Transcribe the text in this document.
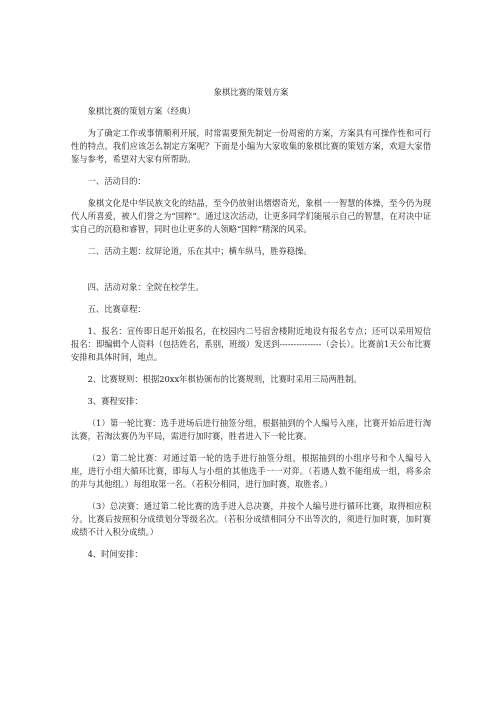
象棋比赛的策划方案

象棋比赛的策划方案（经典）

为了确定工作或事情顺利开展，时常需要预先制定一份周密的方案，方案具有可操作性和可行性的特点。我们应该怎么制定方案呢？下面是小编为大家收集的象棋比赛的策划方案，欢迎大家借鉴与参考，希望对大家有所帮助。

一、活动目的：

象棋文化是中华民族文化的结晶，至今仍放射出熠熠奇光，象棋一一智慧的体操，至今仍为现代人所喜爱，被人们誉之为“国粹”。通过这次活动，让更多同学们能展示自己的智慧，在对决中证实自己的沉稳和睿智，同时也让更多的人领略“国粹”精深的风采。

二、活动主题：纹屏论道，乐在其中；横车纵马，胜券稳操。

四、活动对象：全院在校学生。

五、比赛章程：

1、报名：宣传即日起开始报名，在校园内二号宿舍楼附近地设有报名专点；还可以采用短信报名：即编辑个人资料（包括姓名，系别，班级）发送到---------------（会长）。比赛前1天公布比赛安排和具体时间，地点。

2、比赛规则：根据20xx年棋协颁布的比赛规则，比赛时采用三局两胜制。

3、赛程安排：

（1）第一轮比赛：选手进场后进行抽签分组，根据抽到的个人编号入座，比赛开始后进行淘汰赛，若淘汰赛仍为平局，需进行加时赛，胜者进入下一轮比赛。

（2）第二轮比赛：对通过第一轮的选手进行抽签分组，根据抽到的小组序号和个人编号入座，进行小组大循环比赛，即每人与小组的其他选手一一对弈。（若遇人数不能组成一组，将多余的并与其他组。）每组取第一名。（若积分相同，进行加时赛，取胜者。）

（3）总决赛：通过第二轮比赛的选手进入总决赛，并按个人编号进行循环比赛，取得相应积分。比赛后按照积分成绩划分等级名次。（若积分成绩相同分不出等次的，须进行加时赛，加时赛成绩不计入积分成绩。）

4、时间安排：
